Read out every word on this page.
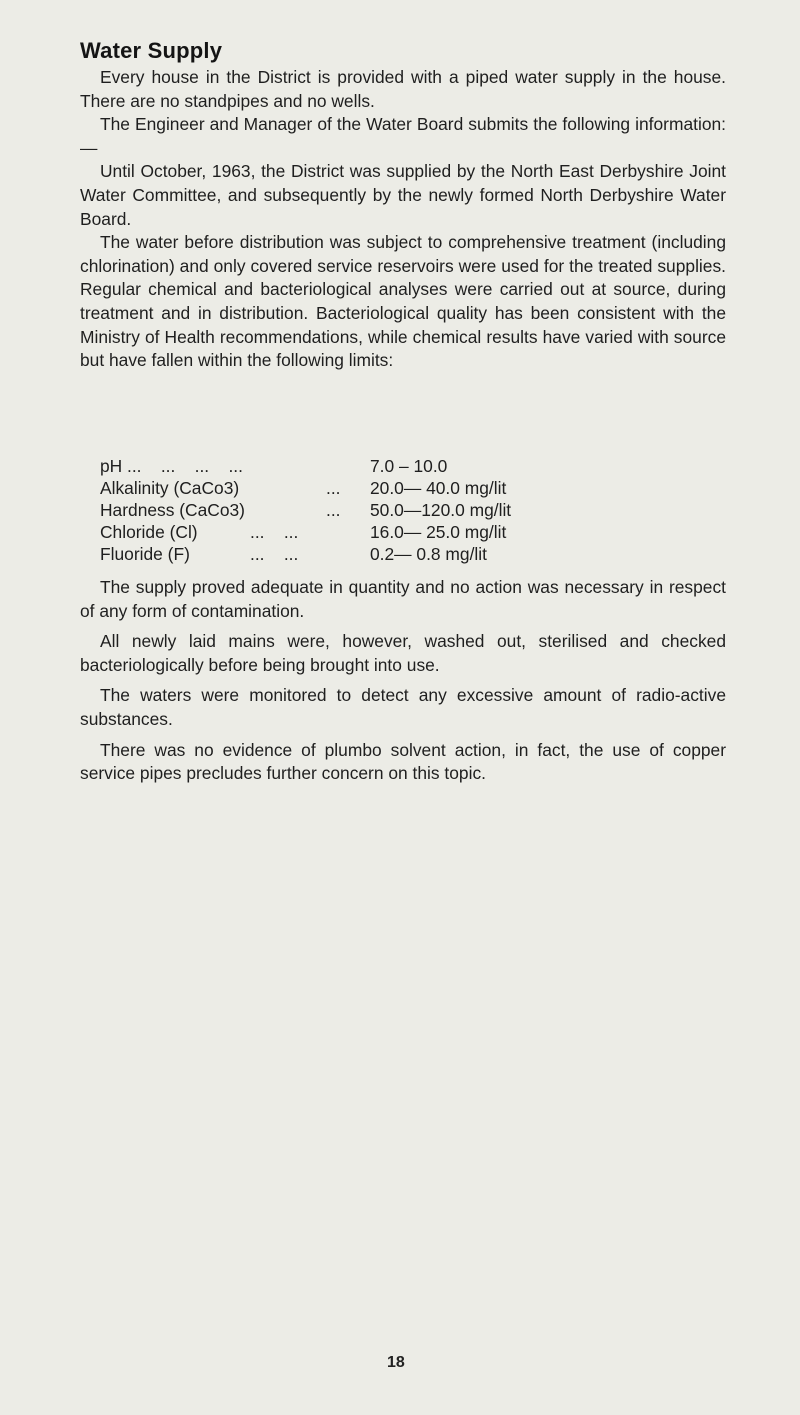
Water Supply

Every house in the District is provided with a piped water supply in the house. There are no standpipes and no wells.

The Engineer and Manager of the Water Board submits the following information:—

Until October, 1963, the District was supplied by the North East Derbyshire Joint Water Committee, and subsequently by the newly formed North Derbyshire Water Board.

The water before distribution was subject to comprehensive treatment (including chlorination) and only covered service reservoirs were used for the treated supplies. Regular chemical and bacteriological analyses were carried out at source, during treatment and in distribution. Bacteriological quality has been consistent with the Ministry of Health recommendations, while chemical results have varied with source but have fallen within the following limits:

pH ...    ...    ...    ...	7.0 – 10.0
Alkalinity (CaCo3)	... 20.0— 40.0 mg/lit
Hardness (CaCo3)	... 50.0—120.0 mg/lit
Chloride (Cl)	...    ...	16.0— 25.0 mg/lit
Fluoride (F)	...    ...	0.2— 0.8 mg/lit

The supply proved adequate in quantity and no action was necessary in respect of any form of contamination.

All newly laid mains were, however, washed out, sterilised and checked bacteriologically before being brought into use.

The waters were monitored to detect any excessive amount of radio-active substances.

There was no evidence of plumbo solvent action, in fact, the use of copper service pipes precludes further concern on this topic.

18
